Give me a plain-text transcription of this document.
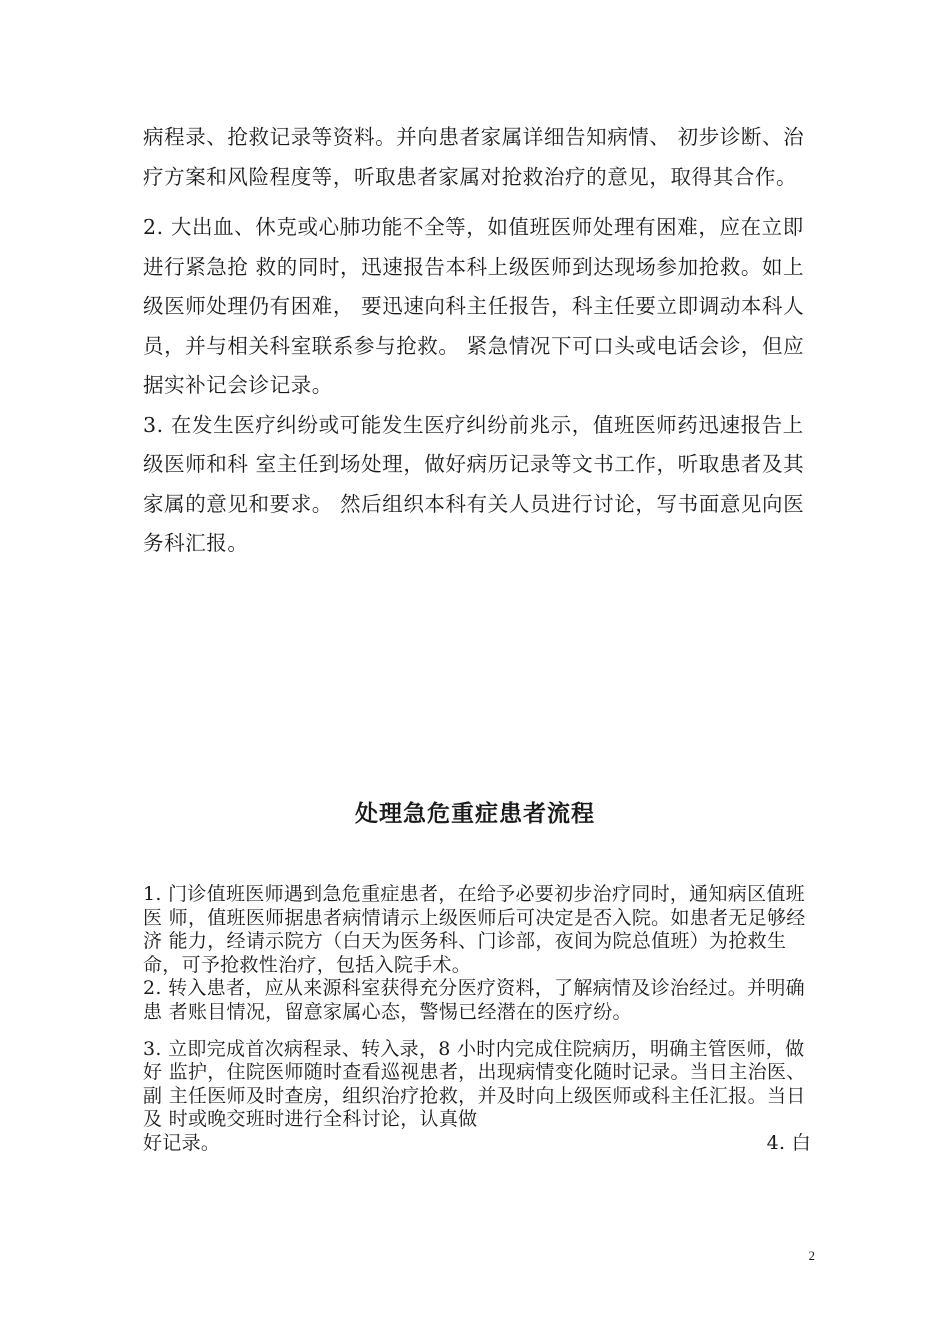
病程录、抢救记录等资料。并向患者家属详细告知病情、 初步诊断、治疗方案和风险程度等，听取患者家属对抢救治疗的意见，取得其合作。

2. 大出血、休克或心肺功能不全等，如值班医师处理有困难，应在立即进行紧急抢 救的同时，迅速报告本科上级医师到达现场参加抢救。如上级医师处理仍有困难， 要迅速向科主任报告，科主任要立即调动本科人员，并与相关科室联系参与抢救。 紧急情况下可口头或电话会诊，但应据实补记会诊记录。

3. 在发生医疗纠纷或可能发生医疗纠纷前兆示，值班医师药迅速报告上级医师和科 室主任到场处理，做好病历记录等文书工作，听取患者及其家属的意见和要求。 然后组织本科有关人员进行讨论，写书面意见向医务科汇报。

处理急危重症患者流程

1. 门诊值班医师遇到急危重症患者，在给予必要初步治疗同时，通知病区值班医 师，值班医师据患者病情请示上级医师后可决定是否入院。如患者无足够经济 能力，经请示院方（白天为医务科、门诊部，夜间为院总值班）为抢救生命，可予抢救性治疗，包括入院手术。

2. 转入患者，应从来源科室获得充分医疗资料，了解病情及诊治经过。并明确患 者账目情况，留意家属心态，警惕已经潜在的医疗纷。

3. 立即完成首次病程录、转入录，8 小时内完成住院病历，明确主管医师，做好 监护，住院医师随时查看巡视患者，出现病情变化随时记录。当日主治医、副 主任医师及时查房，组织治疗抢救，并及时向上级医师或科主任汇报。当日及 时或晚交班时进行全科讨论，认真做

好记录。	4. 白
2
